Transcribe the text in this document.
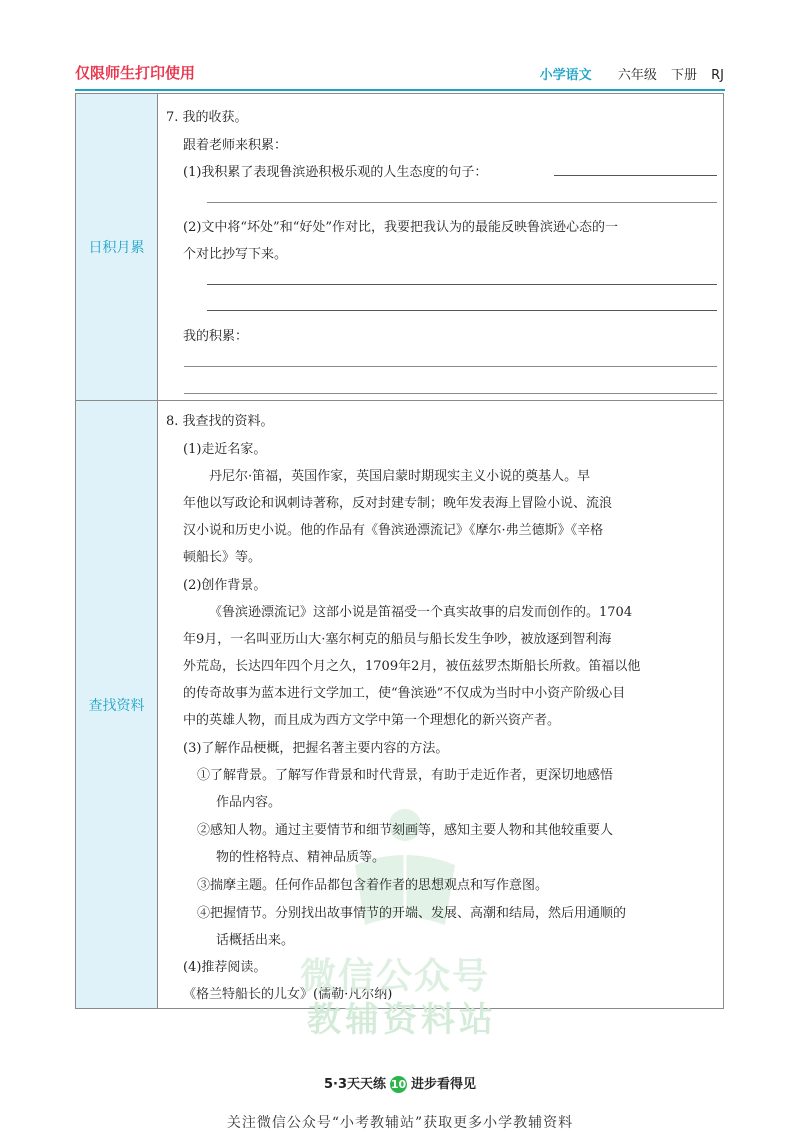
仅限师生打印使用	小学语文 六年级 下册 RJ
日积月累
7. 我的收获。
跟着老师来积累：
(1)我积累了表现鲁滨逊积极乐观的人生态度的句子：
(2)文中将“坏处”和“好处”作对比，我要把我认为的最能反映鲁滨逊心态的一
个对比抄写下来。
我的积累：
查找资料
8. 我查找的资料。
(1)走近名家。
丹尼尔·笛福，英国作家，英国启蒙时期现实主义小说的奠基人。早
年他以写政论和讽刺诗著称，反对封建专制；晚年发表海上冒险小说、流浪
汉小说和历史小说。他的作品有《鲁滨逊漂流记》《摩尔·弗兰德斯》《辛格
顿船长》等。
(2)创作背景。
《鲁滨逊漂流记》这部小说是笛福受一个真实故事的启发而创作的。1704
年9月，一名叫亚历山大·塞尔柯克的船员与船长发生争吵，被放逐到智利海
外荒岛，长达四年四个月之久，1709年2月，被伍兹罗杰斯船长所救。笛福以他
的传奇故事为蓝本进行文学加工，使“鲁滨逊”不仅成为当时中小资产阶级心目
中的英雄人物，而且成为西方文学中第一个理想化的新兴资产者。
(3)了解作品梗概，把握名著主要内容的方法。
①了解背景。了解写作背景和时代背景，有助于走近作者，更深切地感悟
作品内容。
②感知人物。通过主要情节和细节刻画等，感知主要人物和其他较重要人
物的性格特点、精神品质等。
③揣摩主题。任何作品都包含着作者的思想观点和写作意图。
④把握情节。分别找出故事情节的开端、发展、高潮和结局，然后用通顺的
话概括出来。
(4)推荐阅读。
《格兰特船长的儿女》(儒勒·凡尔纳)
微信公众号
教辅资料站
5·3天天练 10 进步看得见
关注微信公众号“小考教辅站”获取更多小学教辅资料
